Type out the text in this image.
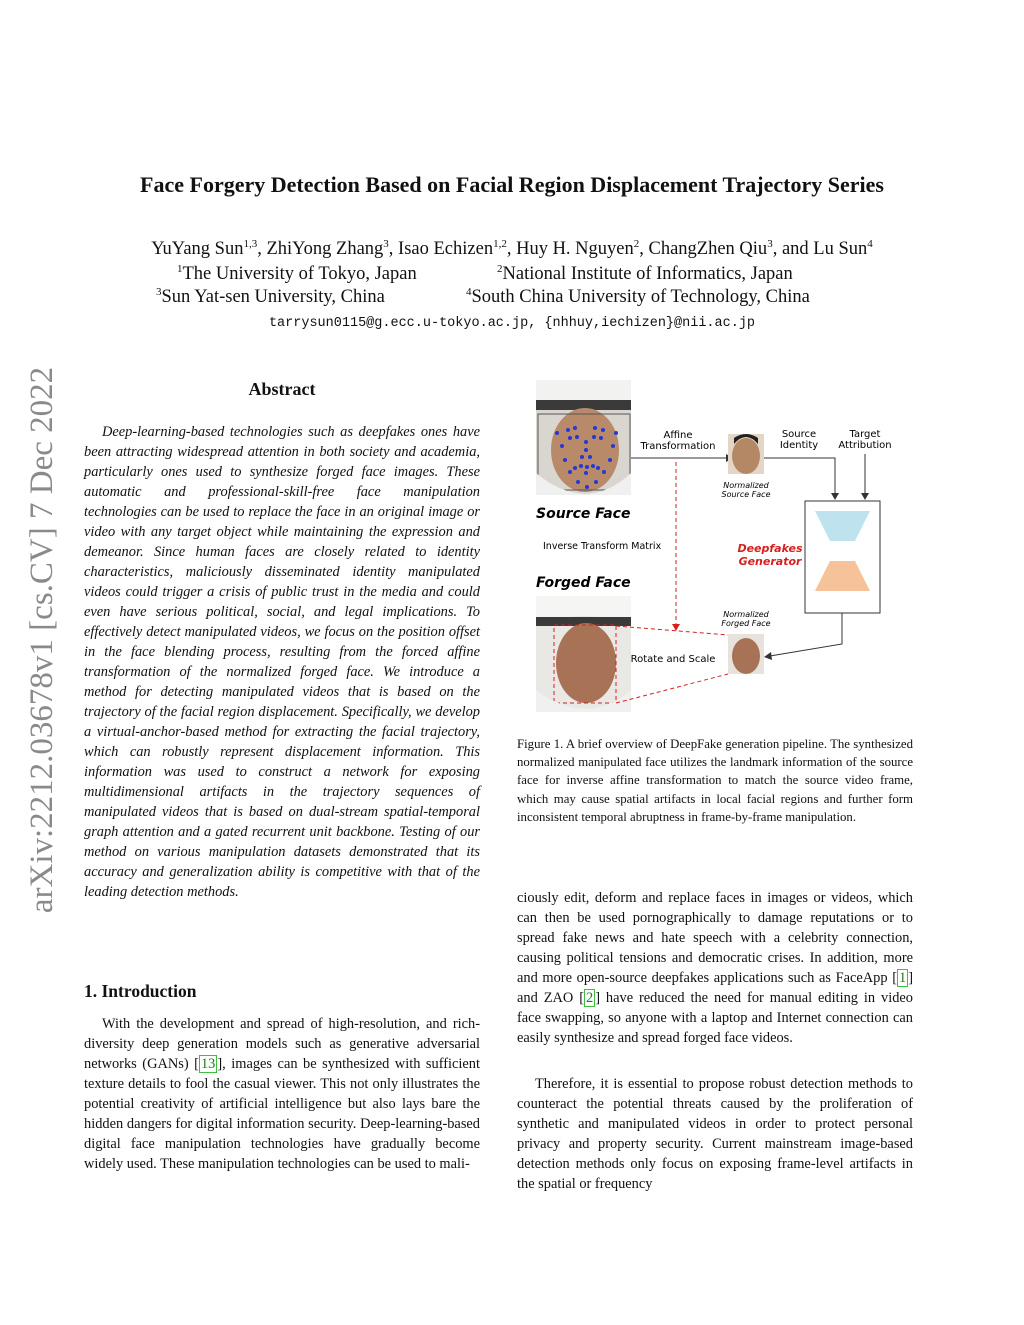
arXiv:2212.03678v1 [cs.CV] 7 Dec 2022
Face Forgery Detection Based on Facial Region Displacement Trajectory Series
YuYang Sun$^{1,3}$, ZhiYong Zhang$^3$, Isao Echizen$^{1,2}$, Huy H. Nguyen$^2$, ChangZhen Qiu$^3$, and Lu Sun$^4$
$^1$The University of Tokyo, Japan	$^2$National Institute of Informatics, Japan
$^3$Sun Yat-sen University, China	$^4$South China University of Technology, China
tarrysun0115@g.ecc.u-tokyo.ac.jp, {nhhuy,iechizen}@nii.ac.jp
Abstract
Deep-learning-based technologies such as deepfakes ones have been attracting widespread attention in both society and academia, particularly ones used to synthesize forged face images. These automatic and professional-skill-free face manipulation technologies can be used to replace the face in an original image or video with any target object while maintaining the expression and demeanor. Since human faces are closely related to identity characteristics, maliciously disseminated identity manipulated videos could trigger a crisis of public trust in the media and could even have serious political, social, and legal implications. To effectively detect manipulated videos, we focus on the position offset in the face blending process, resulting from the forced affine transformation of the normalized forged face. We introduce a method for detecting manipulated videos that is based on the trajectory of the facial region displacement. Specifically, we develop a virtual-anchor-based method for extracting the facial trajectory, which can robustly represent displacement information. This information was used to construct a network for exposing multidimensional artifacts in the trajectory sequences of manipulated videos that is based on dual-stream spatial-temporal graph attention and a gated recurrent unit backbone. Testing of our method on various manipulation datasets demonstrated that its accuracy and generalization ability is competitive with that of the leading detection methods.
1. Introduction
With the development and spread of high-resolution, and rich-diversity deep generation models such as generative adversarial networks (GANs) [ 13 ], images can be synthesized with sufficient texture details to fool the casual viewer. This not only illustrates the potential creativity of artificial intelligence but also lays bare the hidden dangers for digital information security. Deep-learning-based digital face manipulation technologies have gradually become widely used. These manipulation technologies can be used to mali-
Affine
Transformation
Normalized
Source Face
Source
Identity
Target
Attribution
Deepfakes
Generator
Source Face
Inverse Transform Matrix
Forged Face
Normalized
Forged Face
Rotate and Scale
Figure 1. A brief overview of DeepFake generation pipeline. The synthesized normalized manipulated face utilizes the landmark information of the source face for inverse affine transformation to match the source video frame, which may cause spatial artifacts in local facial regions and further form inconsistent temporal abruptness in frame-by-frame manipulation.
ciously edit, deform and replace faces in images or videos, which can then be used pornographically to damage reputations or to spread fake news and hate speech with a celebrity connection, causing political tensions and democratic crises. In addition, more and more open-source deepfakes applications such as FaceApp [ 1 ] and ZAO [ 2 ] have reduced the need for manual editing in video face swapping, so anyone with a laptop and Internet connection can easily synthesize and spread forged face videos.
Therefore, it is essential to propose robust detection methods to counteract the potential threats caused by the proliferation of synthetic and manipulated videos in order to protect personal privacy and property security. Current mainstream image-based detection methods only focus on exposing frame-level artifacts in the spatial or frequency
